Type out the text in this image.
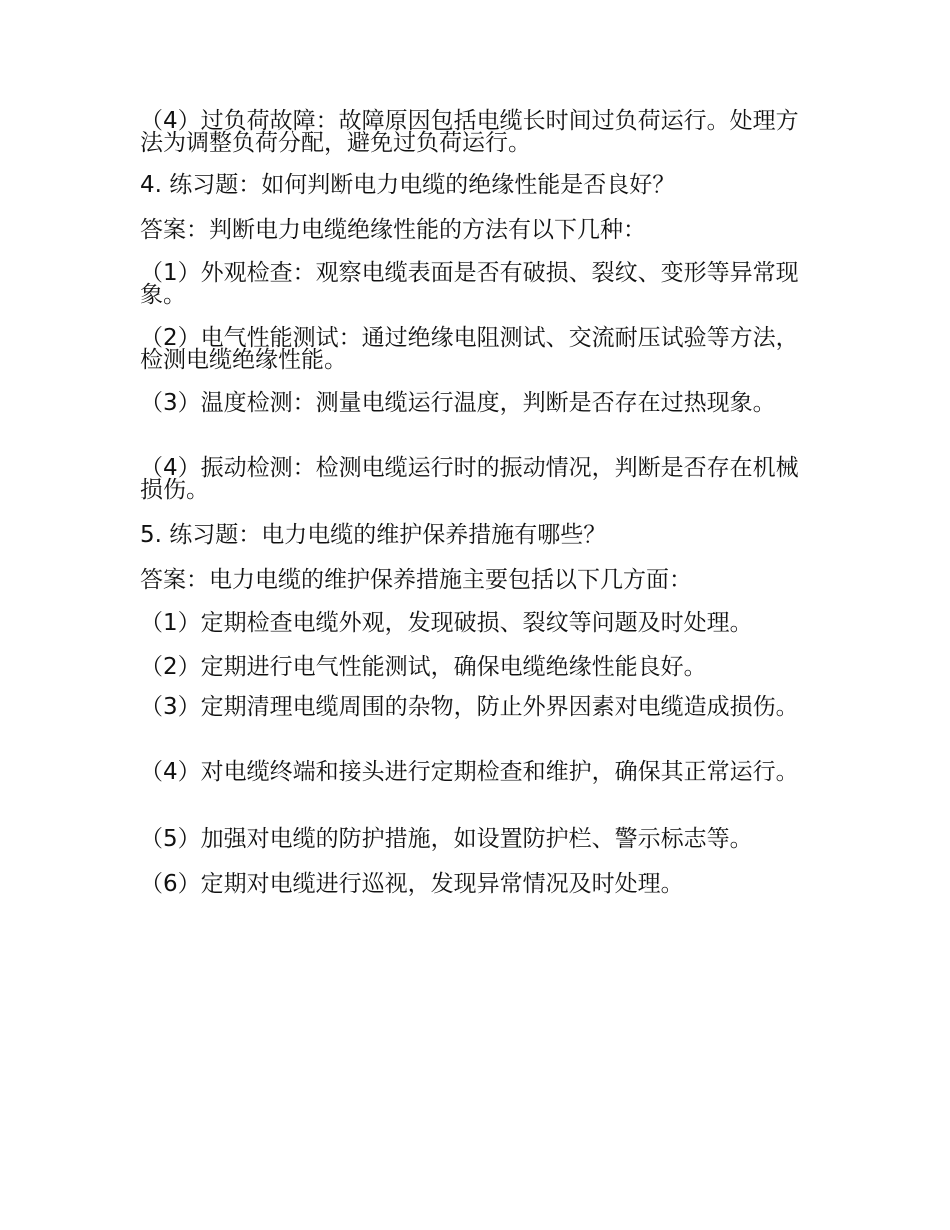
（4）过负荷故障：故障原因包括电缆长时间过负荷运行。处理方法为调整负荷分配，避免过负荷运行。

4. 练习题：如何判断电力电缆的绝缘性能是否良好？

答案：判断电力电缆绝缘性能的方法有以下几种：

（1）外观检查：观察电缆表面是否有破损、裂纹、变形等异常现象。

（2）电气性能测试：通过绝缘电阻测试、交流耐压试验等方法，检测电缆绝缘性能。

（3）温度检测：测量电缆运行温度，判断是否存在过热现象。

（4）振动检测：检测电缆运行时的振动情况，判断是否存在机械损伤。

5. 练习题：电力电缆的维护保养措施有哪些？

答案：电力电缆的维护保养措施主要包括以下几方面：

（1）定期检查电缆外观，发现破损、裂纹等问题及时处理。

（2）定期进行电气性能测试，确保电缆绝缘性能良好。

（3）定期清理电缆周围的杂物，防止外界因素对电缆造成损伤。

（4）对电缆终端和接头进行定期检查和维护，确保其正常运行。

（5）加强对电缆的防护措施，如设置防护栏、警示标志等。

（6）定期对电缆进行巡视，发现异常情况及时处理。
